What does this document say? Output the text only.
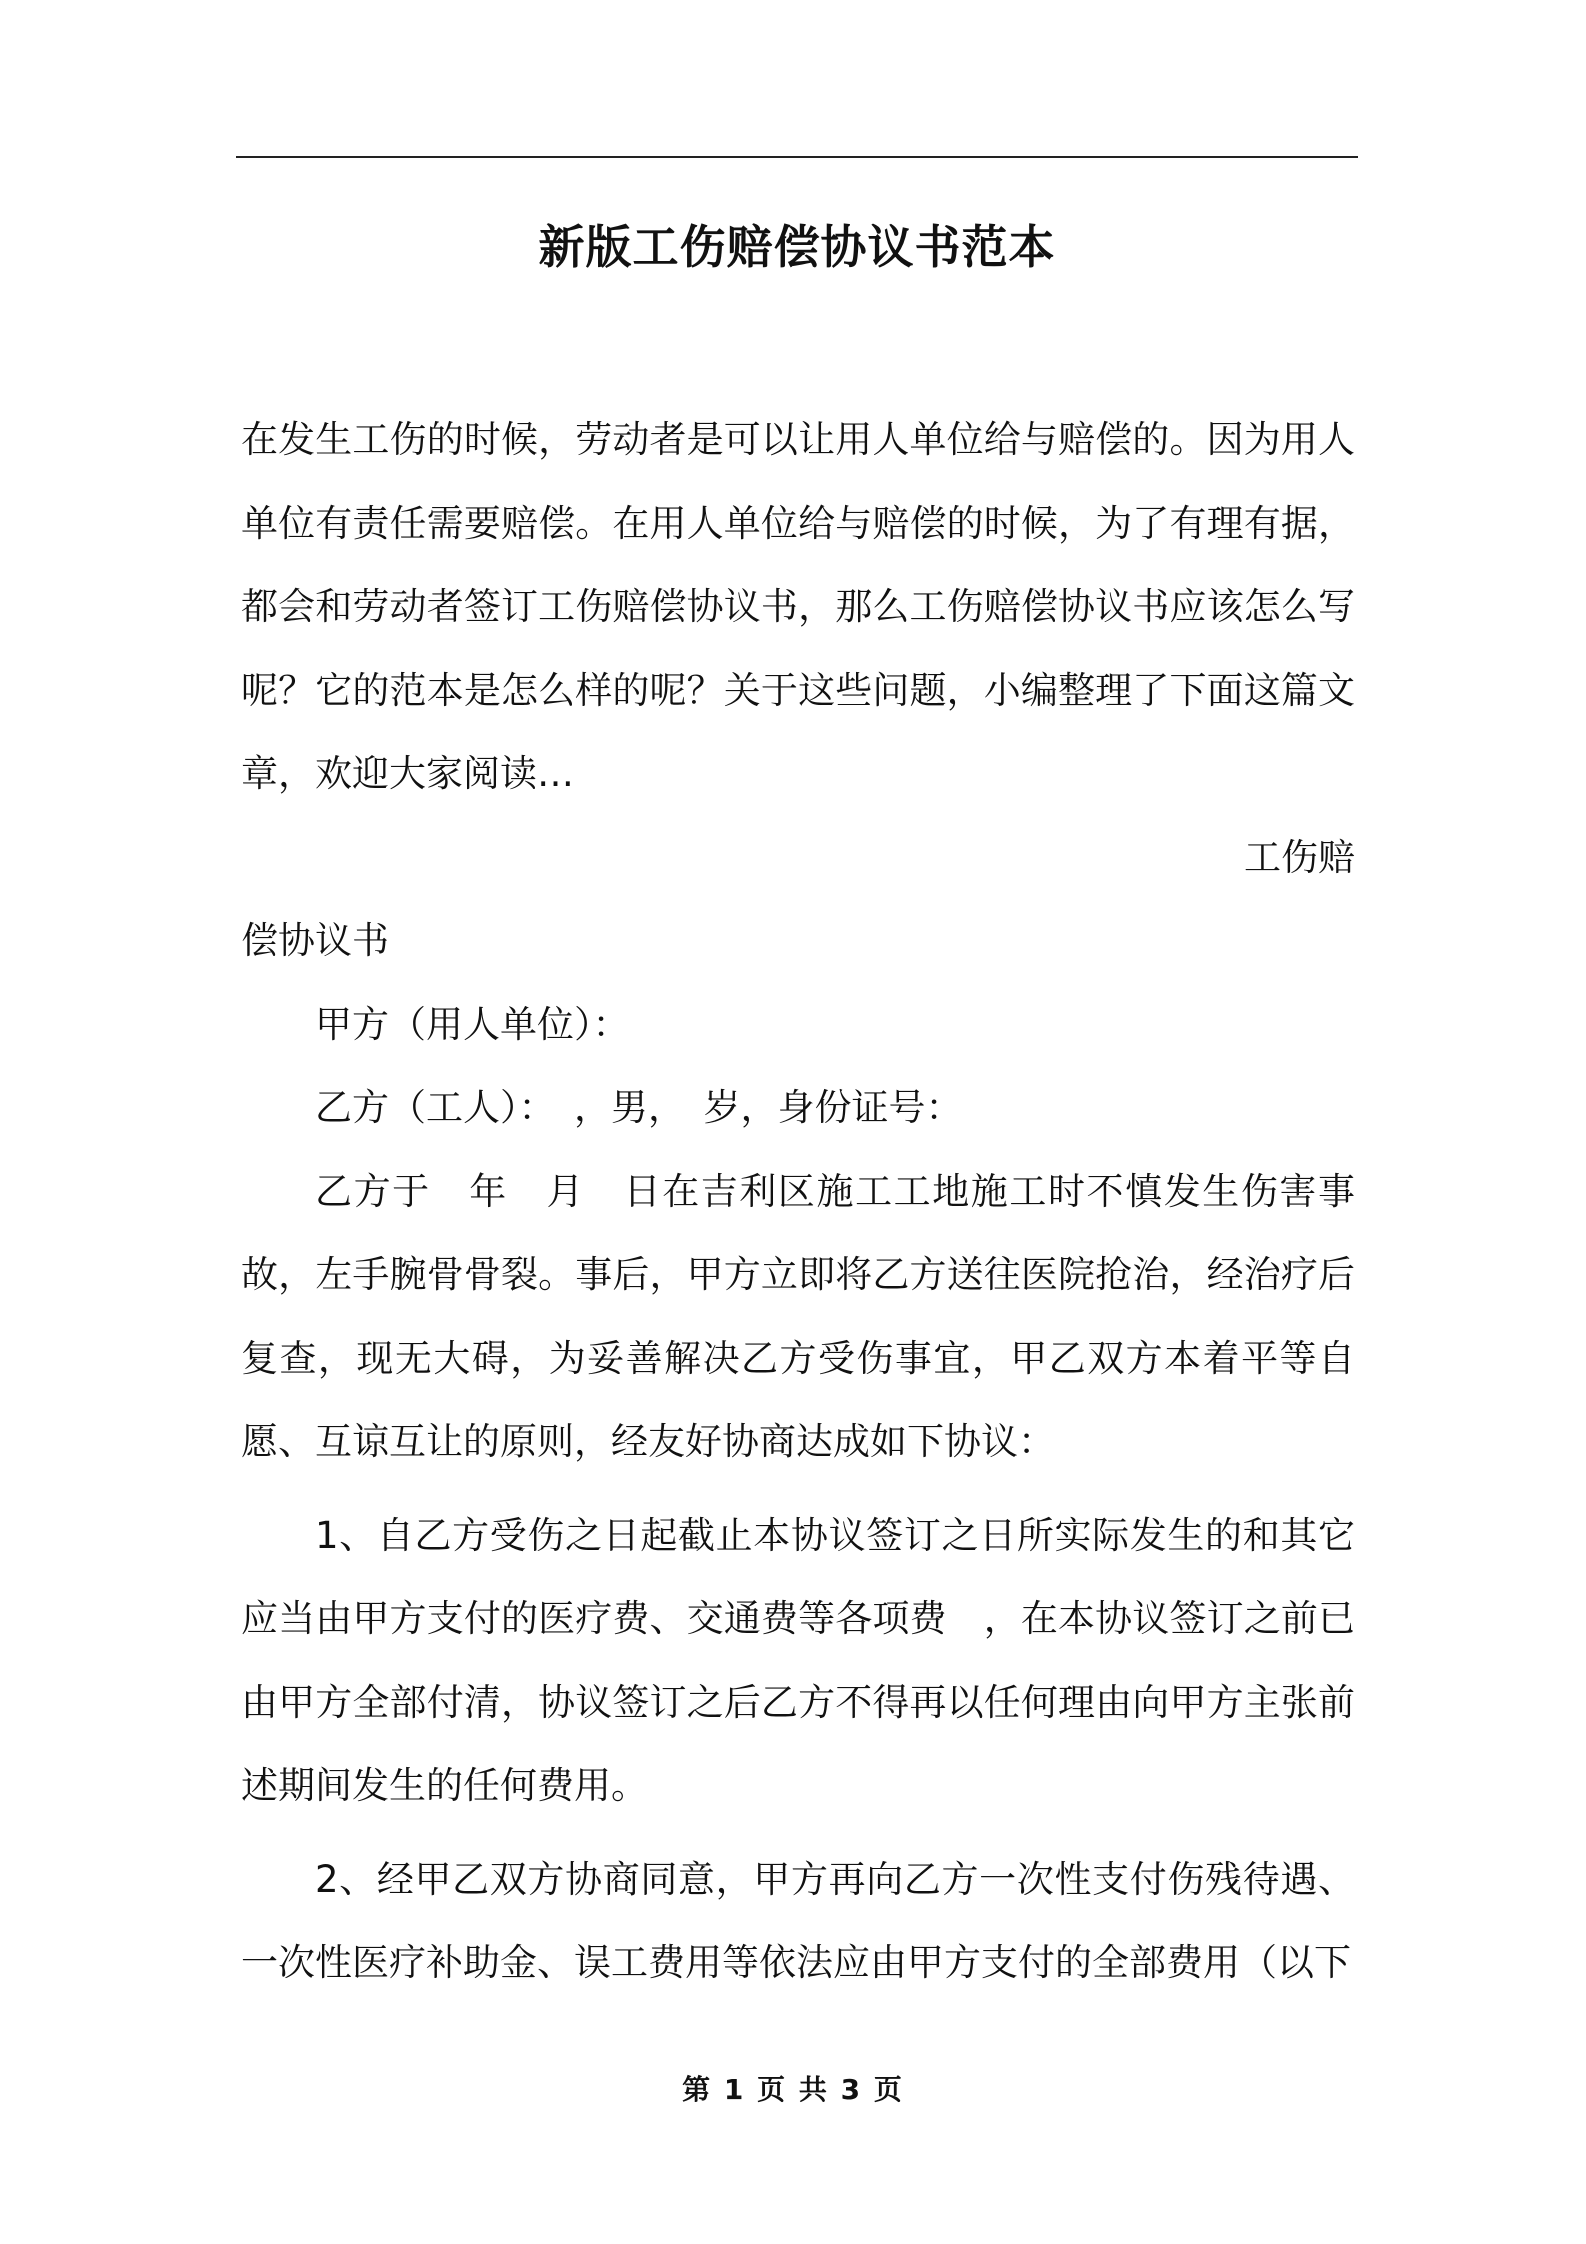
新版工伤赔偿协议书范本

在发生工伤的时候，劳动者是可以让用人单位给与赔偿的。因为用人单位有责任需要赔偿。在用人单位给与赔偿的时候，为了有理有据，都会和劳动者签订工伤赔偿协议书，那么工伤赔偿协议书应该怎么写呢？它的范本是怎么样的呢？关于这些问题，小编整理了下面这篇文章，欢迎大家阅读…

工伤赔

偿协议书

甲方（用人单位）：

乙方（工人）：　，男，　岁，身份证号：

乙方于　年　月　日在吉利区施工工地施工时不慎发生伤害事故，左手腕骨骨裂。事后，甲方立即将乙方送往医院抢治，经治疗后复查，现无大碍，为妥善解决乙方受伤事宜，甲乙双方本着平等自愿、互谅互让的原则，经友好协商达成如下协议：

1、自乙方受伤之日起截止本协议签订之日所实际发生的和其它应当由甲方支付的医疗费、交通费等各项费　，在本协议签订之前已由甲方全部付清，协议签订之后乙方不得再以任何理由向甲方主张前述期间发生的任何费用。

2、经甲乙双方协商同意，甲方再向乙方一次性支付伤残待遇、一次性医疗补助金、误工费用等依法应由甲方支付的全部费用（以下

第 1 页 共 3 页
